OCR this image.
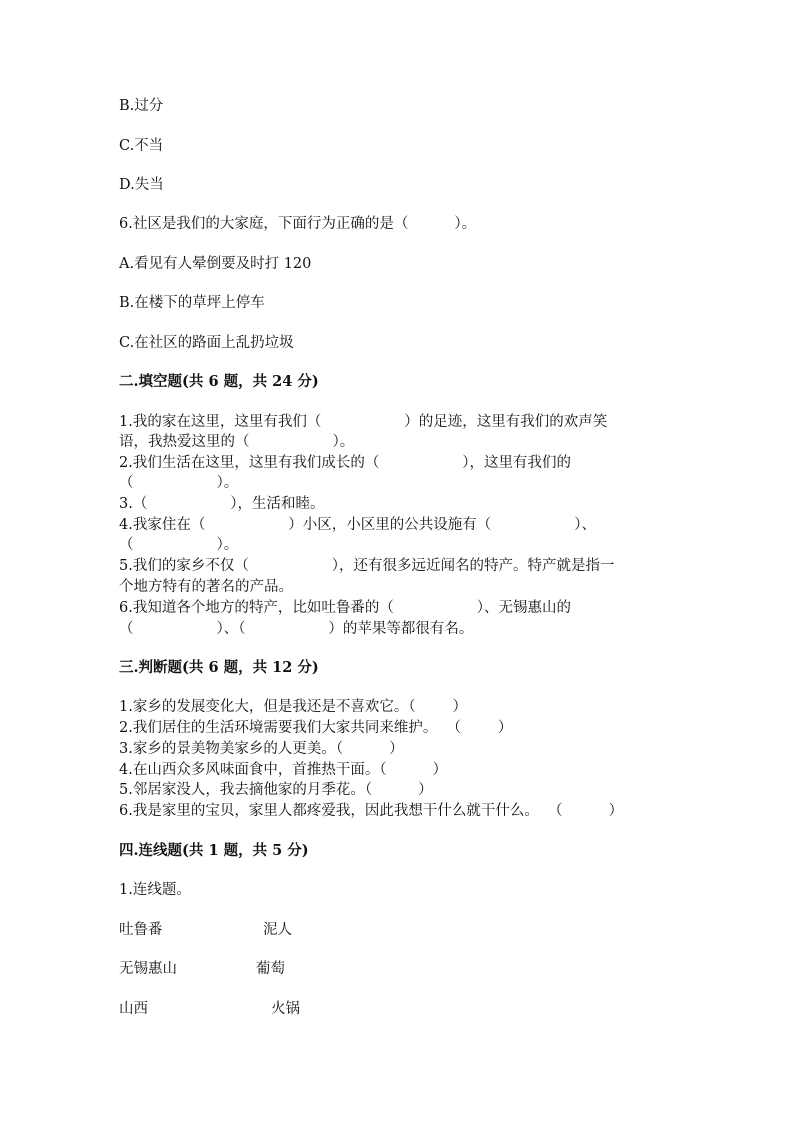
B.过分
C.不当
D.失当
6.社区是我们的大家庭，下面行为正确的是（          ）。
A.看见有人晕倒要及时打 120
B.在楼下的草坪上停车
C.在社区的路面上乱扔垃圾
二.填空题(共 6 题，共 24 分)
1.我的家在这里，这里有我们（                  ）的足迹，这里有我们的欢声笑
语，我热爱这里的（                  ）。
2.我们生活在这里，这里有我们成长的（                  ），这里有我们的
（                  ）。
3.（                  ），生活和睦。
4.我家住在（                  ）小区，小区里的公共设施有（                  ）、
（                  ）。
5.我们的家乡不仅（                  ），还有很多远近闻名的特产。特产就是指一
个地方特有的著名的产品。
6.我知道各个地方的特产，比如吐鲁番的（                  ）、无锡惠山的
（                  ）、（                  ）的苹果等都很有名。
三.判断题(共 6 题，共 12 分)
1.家乡的发展变化大，但是我还是不喜欢它。（        ）
2.我们居住的生活环境需要我们大家共同来维护。  （        ）
3.家乡的景美物美家乡的人更美。（          ）
4.在山西众多风味面食中，首推热干面。（          ）
5.邻居家没人，我去摘他家的月季花。（          ）
6.我是家里的宝贝，家里人都疼爱我，因此我想干什么就干什么。  （          ）
四.连线题(共 1 题，共 5 分)
1.连线题。
吐鲁番	泥人
无锡惠山	葡萄
山西	火锅
